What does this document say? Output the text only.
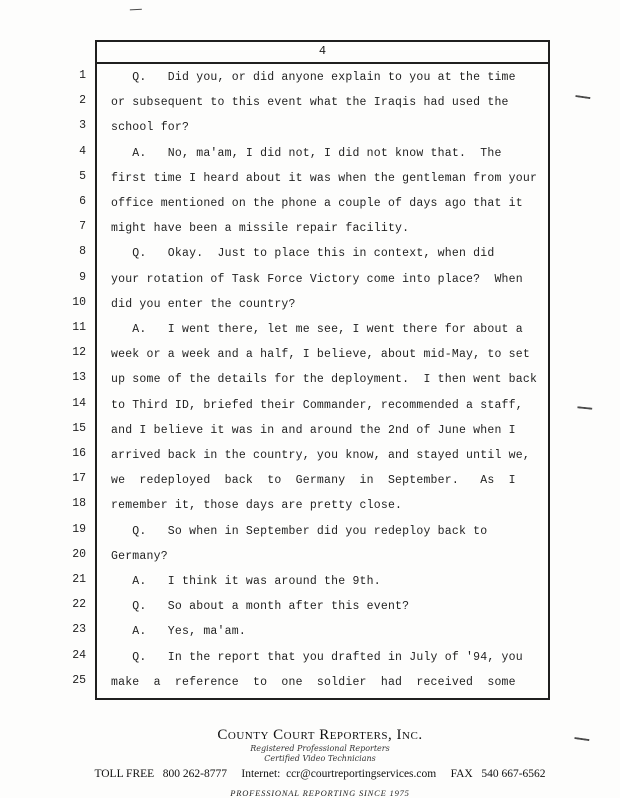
1
2
3
4
5
6
7
8
9
10
11
12
13
14
15
16
17
18
19
20
21
22
23
24
25
4
Q.   Did you, or did anyone explain to you at the time
or subsequent to this event what the Iraqis had used the
school for?
A.   No, ma'am, I did not, I did not know that.  The
first time I heard about it was when the gentleman from your
office mentioned on the phone a couple of days ago that it
might have been a missile repair facility.
Q.   Okay.  Just to place this in context, when did
your rotation of Task Force Victory come into place?  When
did you enter the country?
A.   I went there, let me see, I went there for about a
week or a week and a half, I believe, about mid-May, to set
up some of the details for the deployment.  I then went back
to Third ID, briefed their Commander, recommended a staff,
and I believe it was in and around the 2nd of June when I
arrived back in the country, you know, and stayed until we,
we  redeployed  back  to  Germany  in  September.   As  I
remember it, those days are pretty close.
Q.   So when in September did you redeploy back to
Germany?
A.   I think it was around the 9th.
Q.   So about a month after this event?
A.   Yes, ma'am.
Q.   In the report that you drafted in July of '94, you
make  a  reference  to  one  soldier  had  received  some
County Court Reporters, Inc.
Registered Professional Reporters
Certified Video Technicians
TOLL FREE   800 262-8777     Internet:  ccr@courtreportingservices.com     FAX   540 667-6562
PROFESSIONAL REPORTING SINCE 1975
